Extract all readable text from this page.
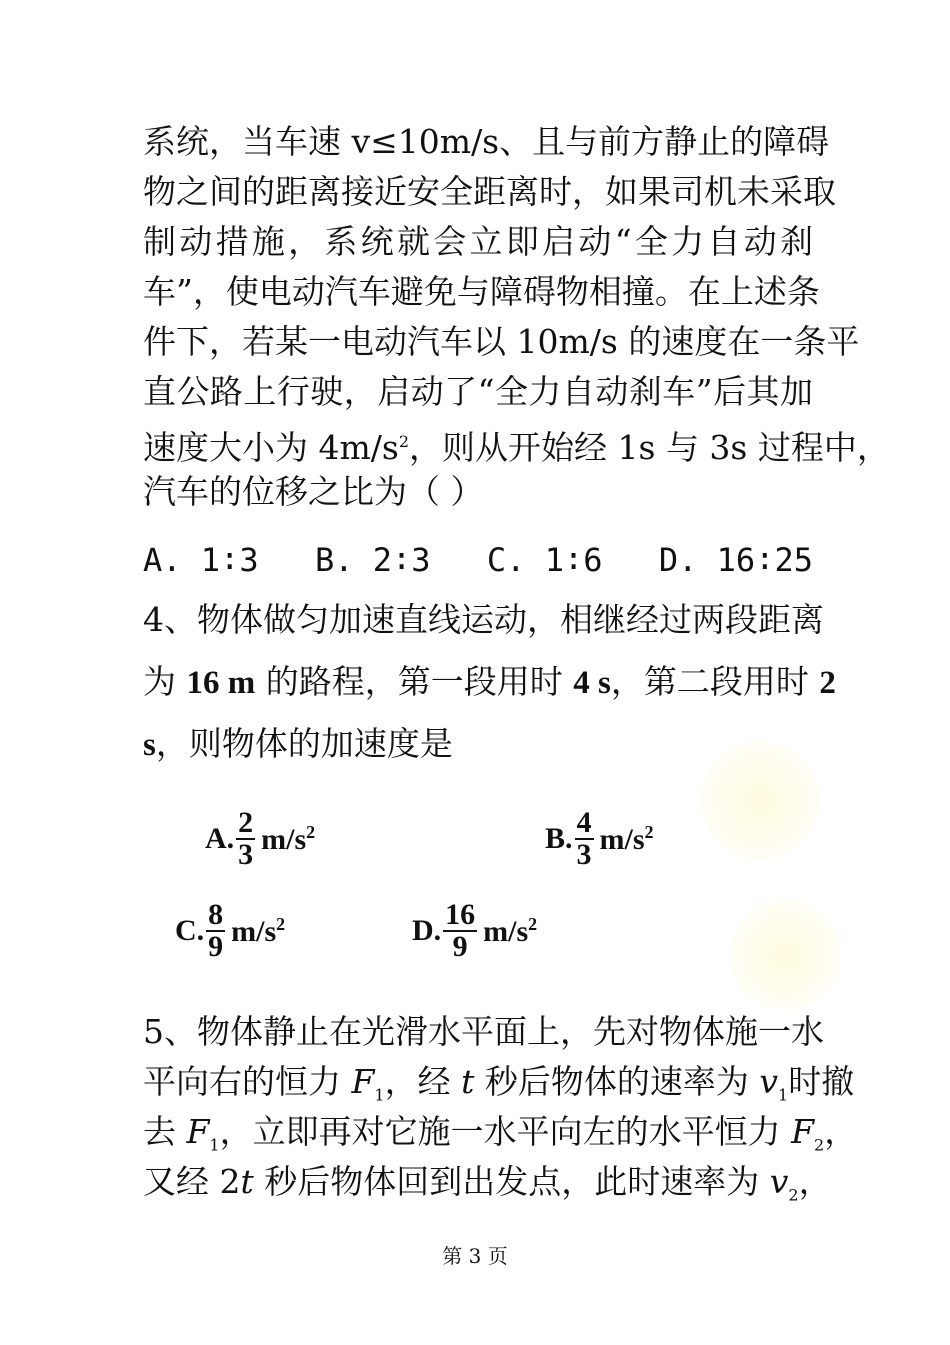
系统，当车速 v≤10m/s、且与前方静止的障碍
物之间的距离接近安全距离时，如果司机未采取
制动措施，系统就会立即启动“全力自动刹
车”，使电动汽车避免与障碍物相撞。在上述条
件下，若某一电动汽车以 10m/s 的速度在一条平
直公路上行驶，启动了“全力自动刹车”后其加
速度大小为 $4m/s^2$，则从开始经 1s 与 3s 过程中，
汽车的位移之比为（ ）
A. 1∶3 B. 2∶3 C. 1∶6 D. 16∶25
4、物体做匀加速直线运动，相继经过两段距离
为 16 m 的路程，第一段用时 4 s，第二段用时 2
s，则物体的加速度是
A. $\frac{2}{3} m/s^2$	B. $\frac{4}{3} m/s^2$
C. $\frac{8}{9} m/s^2$	D. $\frac{16}{9} m/s^2$
5、物体静止在光滑水平面上，先对物体施一水
平向右的恒力 $F_1$，经 t 秒后物体的速率为 $v_1$时撤
去 $F_1$，立即再对它施一水平向左的水平恒力 $F_2$，
又经 2t 秒后物体回到出发点，此时速率为 $v_2$，
第 3 页
